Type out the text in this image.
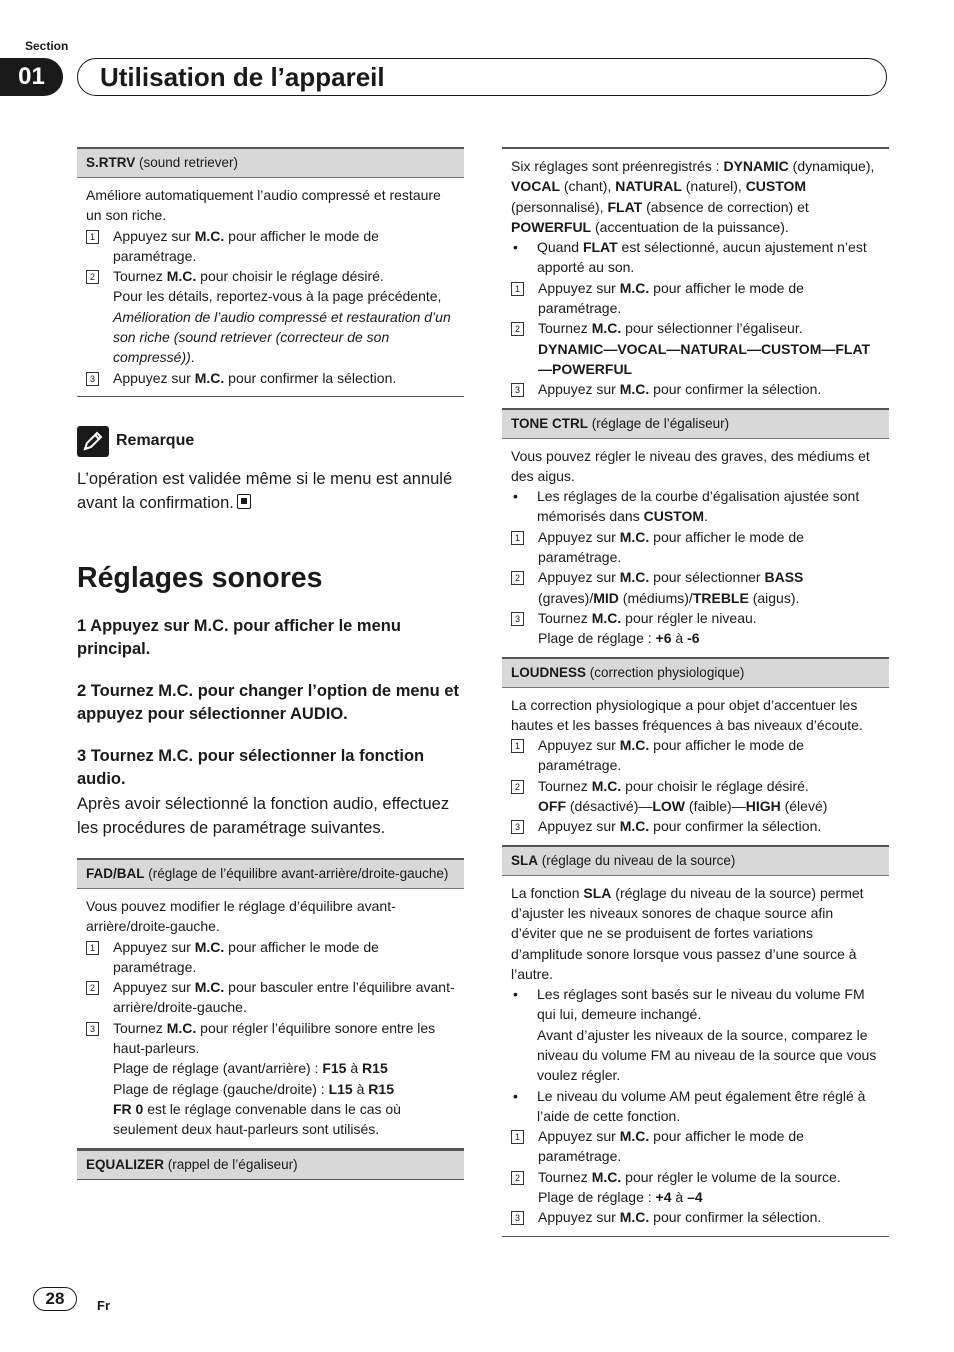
Section
01	Utilisation de l’appareil
S.RTRV (sound retriever)

Améliore automatiquement l’audio compressé et restaure un son riche.

1 Appuyez sur M.C. pour afficher le mode de paramétrage.
2 Tournez M.C. pour choisir le réglage désiré.
Pour les détails, reportez-vous à la page précédente, Amélioration de l’audio compressé et restauration d’un son riche (sound retriever (correcteur de son compressé)).
3 Appuyez sur M.C. pour confirmer la sélection.
Remarque
L’opération est validée même si le menu est annulé avant la confirmation.
Réglages sonores

1 Appuyez sur M.C. pour afficher le menu principal.

2 Tournez M.C. pour changer l’option de menu et appuyez pour sélectionner AUDIO.

3 Tournez M.C. pour sélectionner la fonction audio.

Après avoir sélectionné la fonction audio, effectuez les procédures de paramétrage suivantes.

FAD/BAL (réglage de l’équilibre avant-arrière/droite-gauche)

Vous pouvez modifier le réglage d’équilibre avant-arrière/droite-gauche.

1 Appuyez sur M.C. pour afficher le mode de paramétrage.
2 Appuyez sur M.C. pour basculer entre l’équilibre avant-arrière/droite-gauche.
3 Tournez M.C. pour régler l’équilibre sonore entre les haut-parleurs.
Plage de réglage (avant/arrière) : F15 à R15
Plage de réglage (gauche/droite) : L15 à R15
FR 0 est le réglage convenable dans le cas où seulement deux haut-parleurs sont utilisés.
EQUALIZER (rappel de l’égaliseur)

Six réglages sont préenregistrés : DYNAMIC (dynamique), VOCAL (chant), NATURAL (naturel), CUSTOM (personnalisé), FLAT (absence de correction) et POWERFUL (accentuation de la puissance).

•	Quand FLAT est sélectionné, aucun ajustement n’est apporté au son.
1 Appuyez sur M.C. pour afficher le mode de paramétrage.
2 Tournez M.C. pour sélectionner l’égaliseur.
DYNAMIC—VOCAL—NATURAL—CUSTOM—FLAT—POWERFUL
3 Appuyez sur M.C. pour confirmer la sélection.
TONE CTRL (réglage de l’égaliseur)

Vous pouvez régler le niveau des graves, des médiums et des aigus.

•	Les réglages de la courbe d’égalisation ajustée sont mémorisés dans CUSTOM.
1 Appuyez sur M.C. pour afficher le mode de paramétrage.
2 Appuyez sur M.C. pour sélectionner BASS (graves)/MID (médiums)/TREBLE (aigus).
3 Tournez M.C. pour régler le niveau.
Plage de réglage : +6 à -6
LOUDNESS (correction physiologique)

La correction physiologique a pour objet d’accentuer les hautes et les basses fréquences à bas niveaux d’écoute.

1 Appuyez sur M.C. pour afficher le mode de paramétrage.
2 Tournez M.C. pour choisir le réglage désiré.
OFF (désactivé)—LOW (faible)—HIGH (élevé)
3 Appuyez sur M.C. pour confirmer la sélection.
SLA (réglage du niveau de la source)

La fonction SLA (réglage du niveau de la source) permet d’ajuster les niveaux sonores de chaque source afin d’éviter que ne se produisent de fortes variations d’amplitude sonore lorsque vous passez d’une source à l’autre.

•	Les réglages sont basés sur le niveau du volume FM qui lui, demeure inchangé.
Avant d’ajuster les niveaux de la source, comparez le niveau du volume FM au niveau de la source que vous voulez régler.
•	Le niveau du volume AM peut également être réglé à l’aide de cette fonction.
1 Appuyez sur M.C. pour afficher le mode de paramétrage.
2 Tournez M.C. pour régler le volume de la source.
Plage de réglage : +4 à –4
3 Appuyez sur M.C. pour confirmer la sélection.
28	Fr
